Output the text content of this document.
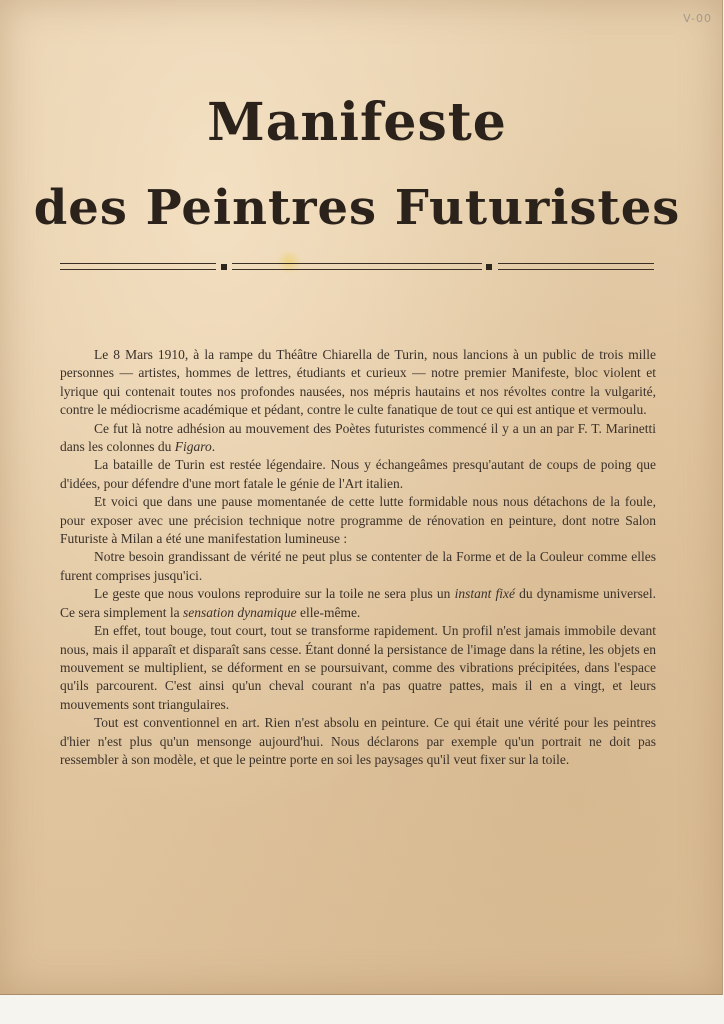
V-00
Manifeste
des Peintres Futuristes

Le 8 Mars 1910, à la rampe du Théâtre Chiarella de Turin, nous lancions à un public de trois mille personnes — artistes, hommes de lettres, étudiants et curieux — notre premier Manifeste, bloc violent et lyrique qui contenait toutes nos profondes nausées, nos mépris hautains et nos révoltes contre la vulgarité, contre le médiocrisme académique et pédant, contre le culte fanatique de tout ce qui est antique et vermoulu.

Ce fut là notre adhésion au mouvement des Poètes futuristes commencé il y a un an par F. T. Marinetti dans les colonnes du Figaro.

La bataille de Turin est restée légendaire. Nous y échangeâmes presqu'autant de coups de poing que d'idées, pour défendre d'une mort fatale le génie de l'Art italien.

Et voici que dans une pause momentanée de cette lutte formidable nous nous détachons de la foule, pour exposer avec une précision technique notre programme de rénovation en peinture, dont notre Salon Futuriste à Milan a été une manifestation lumineuse :

Notre besoin grandissant de vérité ne peut plus se contenter de la Forme et de la Couleur comme elles furent comprises jusqu'ici.

Le geste que nous voulons reproduire sur la toile ne sera plus un instant fixé du dynamisme universel. Ce sera simplement la sensation dynamique elle-même.

En effet, tout bouge, tout court, tout se transforme rapidement. Un profil n'est jamais immobile devant nous, mais il apparaît et disparaît sans cesse. Étant donné la persistance de l'image dans la rétine, les objets en mouvement se multiplient, se déforment en se poursuivant, comme des vibrations précipitées, dans l'espace qu'ils parcourent. C'est ainsi qu'un cheval courant n'a pas quatre pattes, mais il en a vingt, et leurs mouvements sont triangulaires.

Tout est conventionnel en art. Rien n'est absolu en peinture. Ce qui était une vérité pour les peintres d'hier n'est plus qu'un mensonge aujourd'hui. Nous déclarons par exemple qu'un portrait ne doit pas ressembler à son modèle, et que le peintre porte en soi les paysages qu'il veut fixer sur la toile.
